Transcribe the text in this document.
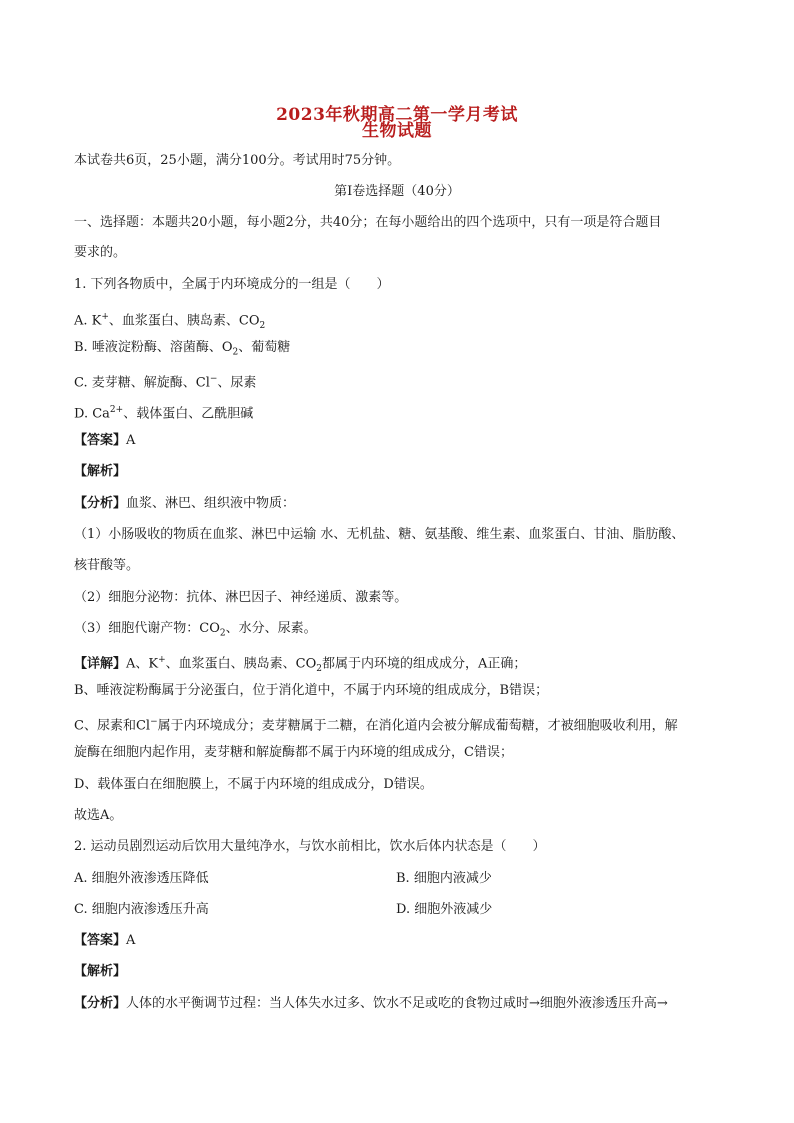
2023年秋期高二第一学月考试
生物试题
本试卷共6页，25小题，满分100分。考试用时75分钟。
第Ⅰ卷选择题（40分）
一、选择题：本题共20小题，每小题2分，共40分；在每小题给出的四个选项中，只有一项是符合题目
要求的。
1. 下列各物质中，全属于内环境成分的一组是（　　）
A. K+、血浆蛋白、胰岛素、$CO_2$
B. 唾液淀粉酶、溶菌酶、$O_2$、葡萄糖
C. 麦芽糖、解旋酶、Cl−、尿素
D. $Ca^{2+}$、载体蛋白、乙酰胆碱
【答案】A
【解析】
【分析】血浆、淋巴、组织液中物质：
（1）小肠吸收的物质在血浆、淋巴中运输 水、无机盐、糖、氨基酸、维生素、血浆蛋白、甘油、脂肪酸、
核苷酸等。
（2）细胞分泌物：抗体、淋巴因子、神经递质、激素等。
（3）细胞代谢产物：$CO_2$、水分、尿素。
【详解】A、K+、血浆蛋白、胰岛素、$CO_2$都属于内环境的组成成分，A正确；
B、唾液淀粉酶属于分泌蛋白，位于消化道中，不属于内环境的组成成分，B错误；
C、尿素和Cl−属于内环境成分；麦芽糖属于二糖，在消化道内会被分解成葡萄糖，才被细胞吸收利用，解
旋酶在细胞内起作用，麦芽糖和解旋酶都不属于内环境的组成成分，C错误；
D、载体蛋白在细胞膜上，不属于内环境的组成成分，D错误。
故选A。
2. 运动员剧烈运动后饮用大量纯净水，与饮水前相比，饮水后体内状态是（　　）
A. 细胞外液渗透压降低	B. 细胞内液减少
C. 细胞内液渗透压升高	D. 细胞外液减少
【答案】A
【解析】
【分析】人体的水平衡调节过程：当人体失水过多、饮水不足或吃的食物过咸时→细胞外液渗透压升高→
